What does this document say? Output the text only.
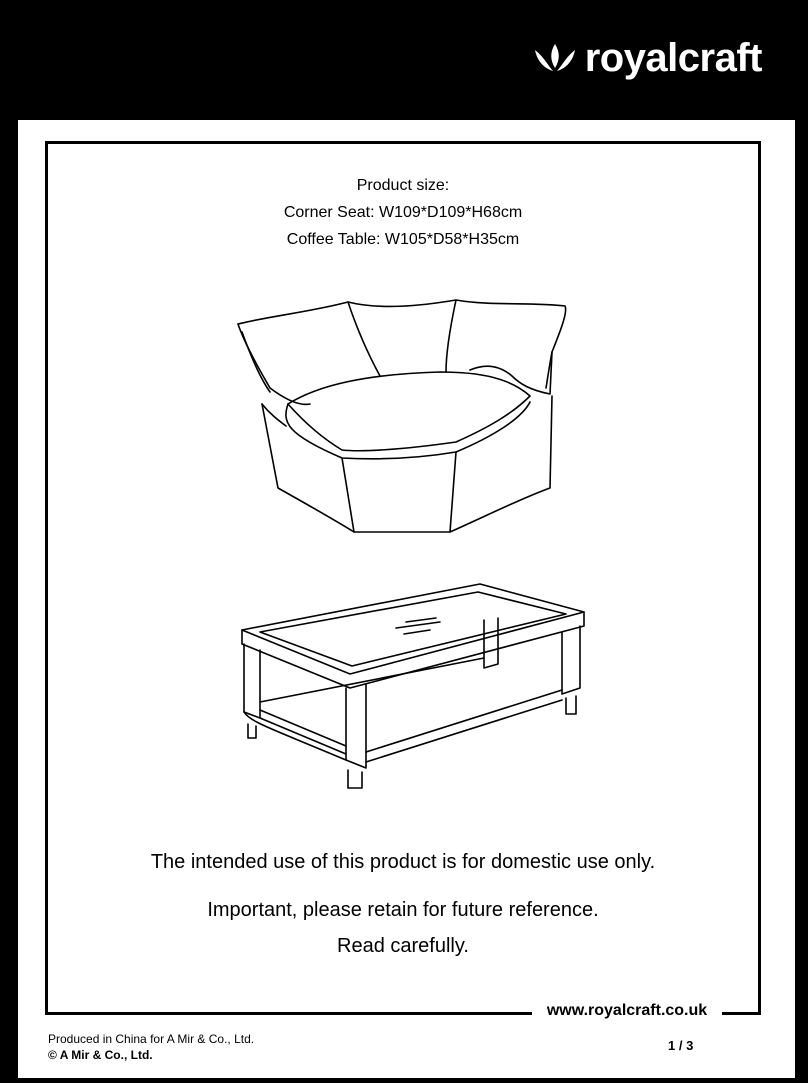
royalcraft
Product size:
Corner Seat: W109*D109*H68cm
Coffee Table: W105*D58*H35cm
The intended use of this product is for domestic use only.
Important, please retain for future reference.
Read carefully.
www.royalcraft.co.uk
Produced in China for A Mir & Co., Ltd.
© A Mir & Co., Ltd.
1 / 3
